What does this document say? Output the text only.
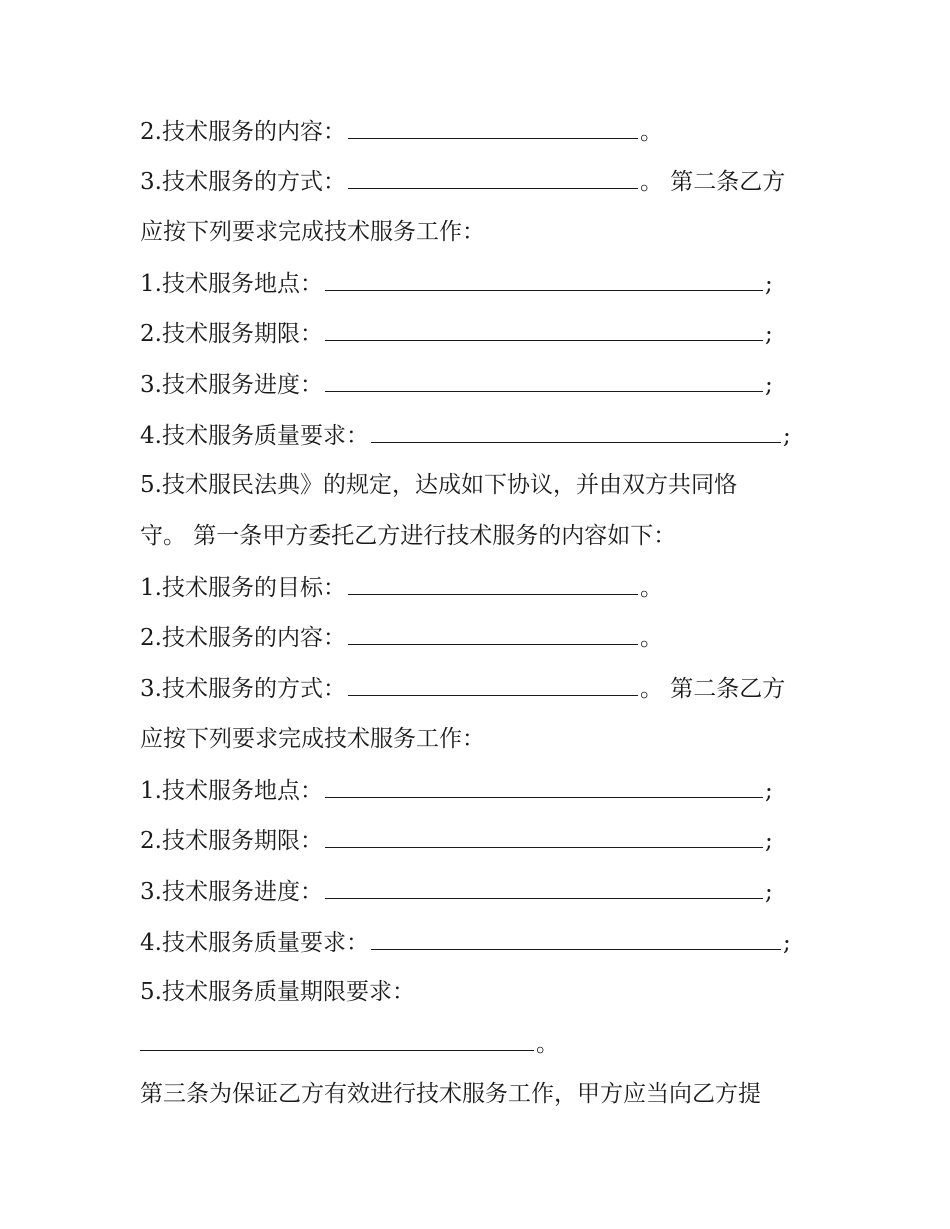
2.技术服务的内容：	。
3.技术服务的方式：	。 第二条乙方
应按下列要求完成技术服务工作：
1.技术服务地点：	;
2.技术服务期限：	;
3.技术服务进度：	;
4.技术服务质量要求：	;
5.技术服民法典》的规定，达成如下协议，并由双方共同恪
守。 第一条甲方委托乙方进行技术服务的内容如下：
1.技术服务的目标：	。
2.技术服务的内容：	。
3.技术服务的方式：	。 第二条乙方
应按下列要求完成技术服务工作：
1.技术服务地点：	;
2.技术服务期限：	;
3.技术服务进度：	;
4.技术服务质量要求：	;
5.技术服务质量期限要求：
。
第三条为保证乙方有效进行技术服务工作，甲方应当向乙方提
